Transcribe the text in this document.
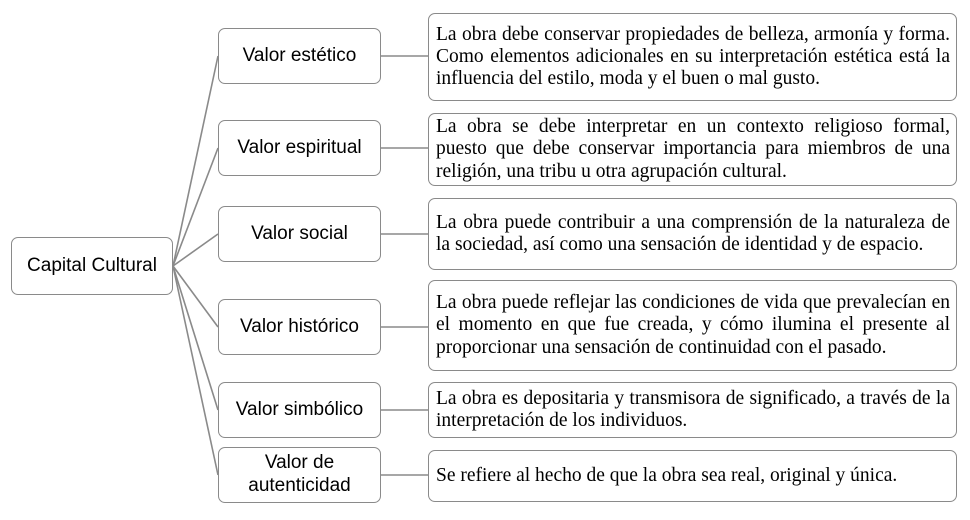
Capital Cultural
Valor estético
Valor espiritual
Valor social
Valor histórico
Valor simbólico
Valor de autenticidad
La obra debe conservar propiedades de belleza, armonía y forma. Como elementos adicionales en su interpretación estética está la influencia del estilo, moda y el buen o mal gusto.
La obra se debe interpretar en un contexto religioso formal, puesto que debe conservar importancia para miembros de una religión, una tribu u otra agrupación cultural.
La obra puede contribuir a una comprensión de la naturaleza de la sociedad, así como una sensación de identidad y de espacio.
La obra puede reflejar las condiciones de vida que prevalecían en el momento en que fue creada, y cómo ilumina el presente al proporcionar una sensación de continuidad con el pasado.
La obra es depositaria y transmisora de significado, a través de la interpretación de los individuos.
Se refiere al hecho de que la obra sea real, original y única.
